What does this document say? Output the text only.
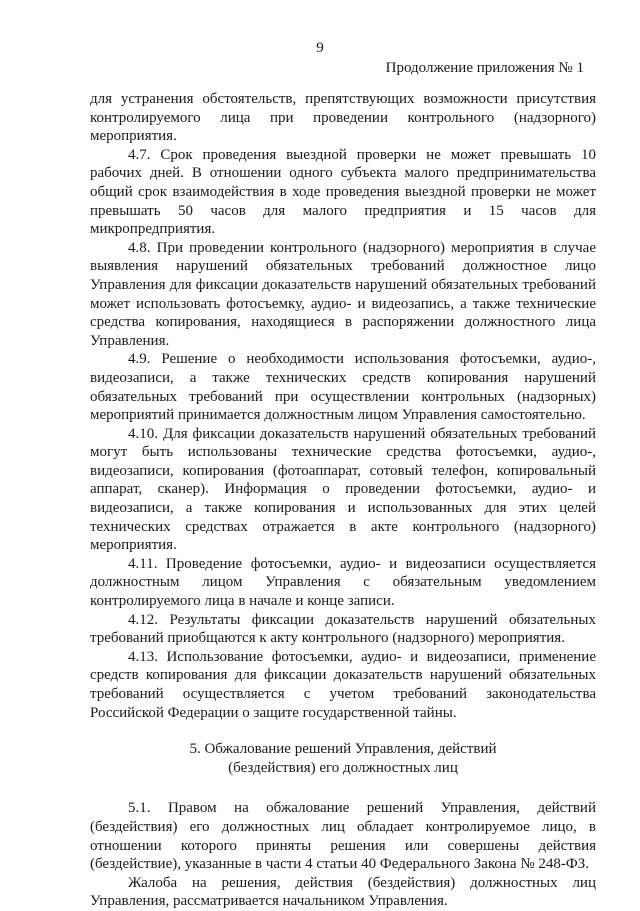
9
Продолжение приложения № 1

для устранения обстоятельств, препятствующих возможности присутствия контролируемого лица при проведении контрольного (надзорного) мероприятия.

4.7. Срок проведения выездной проверки не может превышать 10 рабочих дней. В отношении одного субъекта малого предпринимательства общий срок взаимодействия в ходе проведения выездной проверки не может превышать 50 часов для малого предприятия и 15 часов для микропредприятия.

4.8. При проведении контрольного (надзорного) мероприятия в случае выявления нарушений обязательных требований должностное лицо Управления для фиксации доказательств нарушений обязательных требований может использовать фотосъемку, аудио- и видеозапись, а также технические средства копирования, находящиеся в распоряжении должностного лица Управления.

4.9. Решение о необходимости использования фотосъемки, аудио-, видеозаписи, а также технических средств копирования нарушений обязательных требований при осуществлении контрольных (надзорных) мероприятий принимается должностным лицом Управления самостоятельно.

4.10. Для фиксации доказательств нарушений обязательных требований могут быть использованы технические средства фотосъемки, аудио-, видеозаписи, копирования (фотоаппарат, сотовый телефон, копировальный аппарат, сканер). Информация о проведении фотосъемки, аудио- и видеозаписи, а также копирования и использованных для этих целей технических средствах отражается в акте контрольного (надзорного) мероприятия.

4.11. Проведение фотосъемки, аудио- и видеозаписи осуществляется должностным лицом Управления с обязательным уведомлением контролируемого лица в начале и конце записи.

4.12. Результаты фиксации доказательств нарушений обязательных требований приобщаются к акту контрольного (надзорного) мероприятия.

4.13. Использование фотосъемки, аудио- и видеозаписи, применение средств копирования для фиксации доказательств нарушений обязательных требований осуществляется с учетом требований законодательства Российской Федерации о защите государственной тайны.

5. Обжалование решений Управления, действий
(бездействия) его должностных лиц

5.1. Правом на обжалование решений Управления, действий (бездействия) его должностных лиц обладает контролируемое лицо, в отношении которого приняты решения или совершены действия (бездействие), указанные в части 4 статьи 40 Федерального Закона № 248-ФЗ.

Жалоба на решения, действия (бездействия) должностных лиц Управления, рассматривается начальником Управления.
